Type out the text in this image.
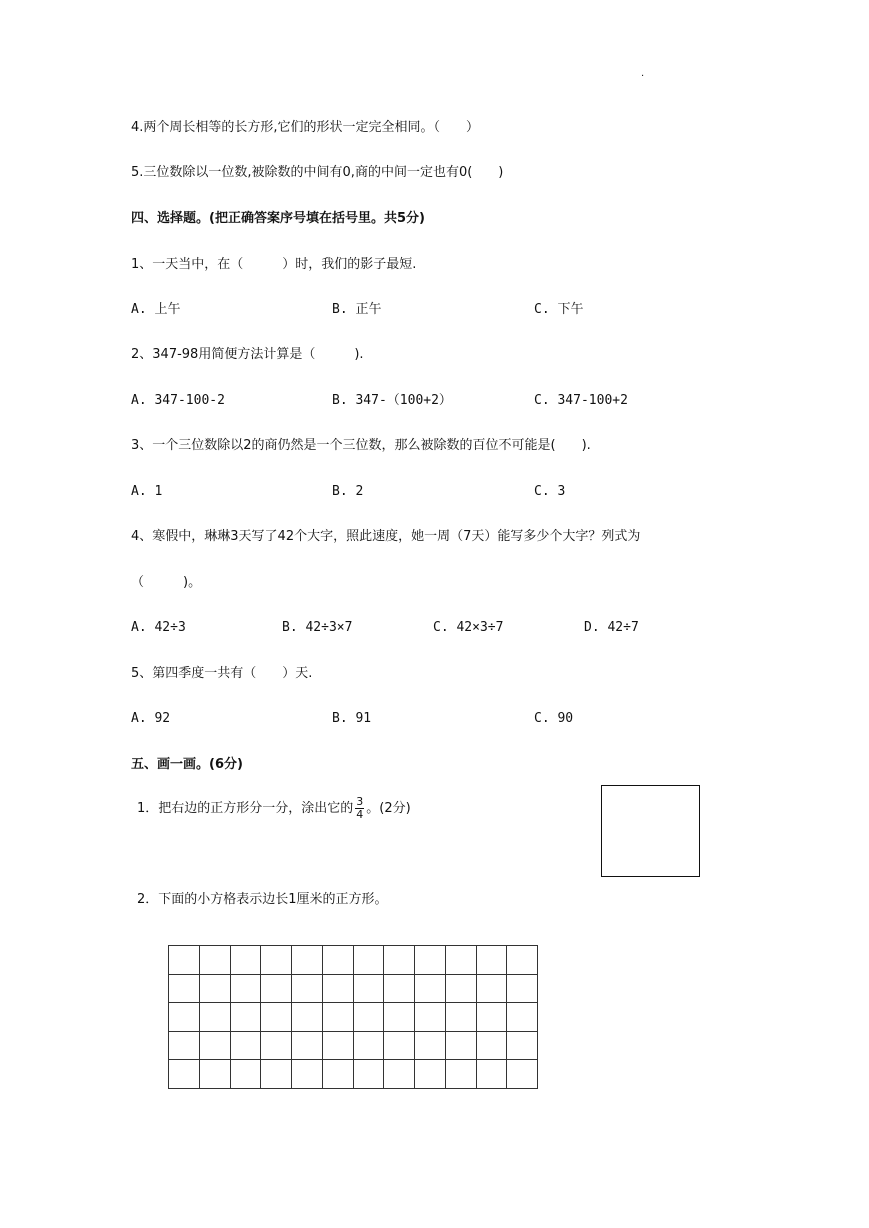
.
4.两个周长相等的长方形,它们的形状一定完全相同。（　　）
5.三位数除以一位数,被除数的中间有0,商的中间一定也有0(　　)
四、选择题。(把正确答案序号填在括号里。共5分)
1、一天当中，在（　　　）时，我们的影子最短.
A. 上午	B. 正午	C. 下午
2、347-98用简便方法计算是（　　　).
A. 347-100-2	B. 347-（100+2）	C. 347-100+2
3、一个三位数除以2的商仍然是一个三位数，那么被除数的百位不可能是(　　).
A. 1	B. 2	C. 3
4、寒假中，琳琳3天写了42个大字，照此速度，她一周（7天）能写多少个大字？列式为
（　　　)。
A. 42÷3	B. 42÷3×7	C. 42×3÷7	D. 42÷7
5、第四季度一共有（　　）天.
A. 92	B. 91	C. 90
五、画一画。(6分)
1．把右边的正方形分一分，涂出它的 $\frac{3}{4}$ 。(2分)
2．下面的小方格表示边长1厘米的正方形。
